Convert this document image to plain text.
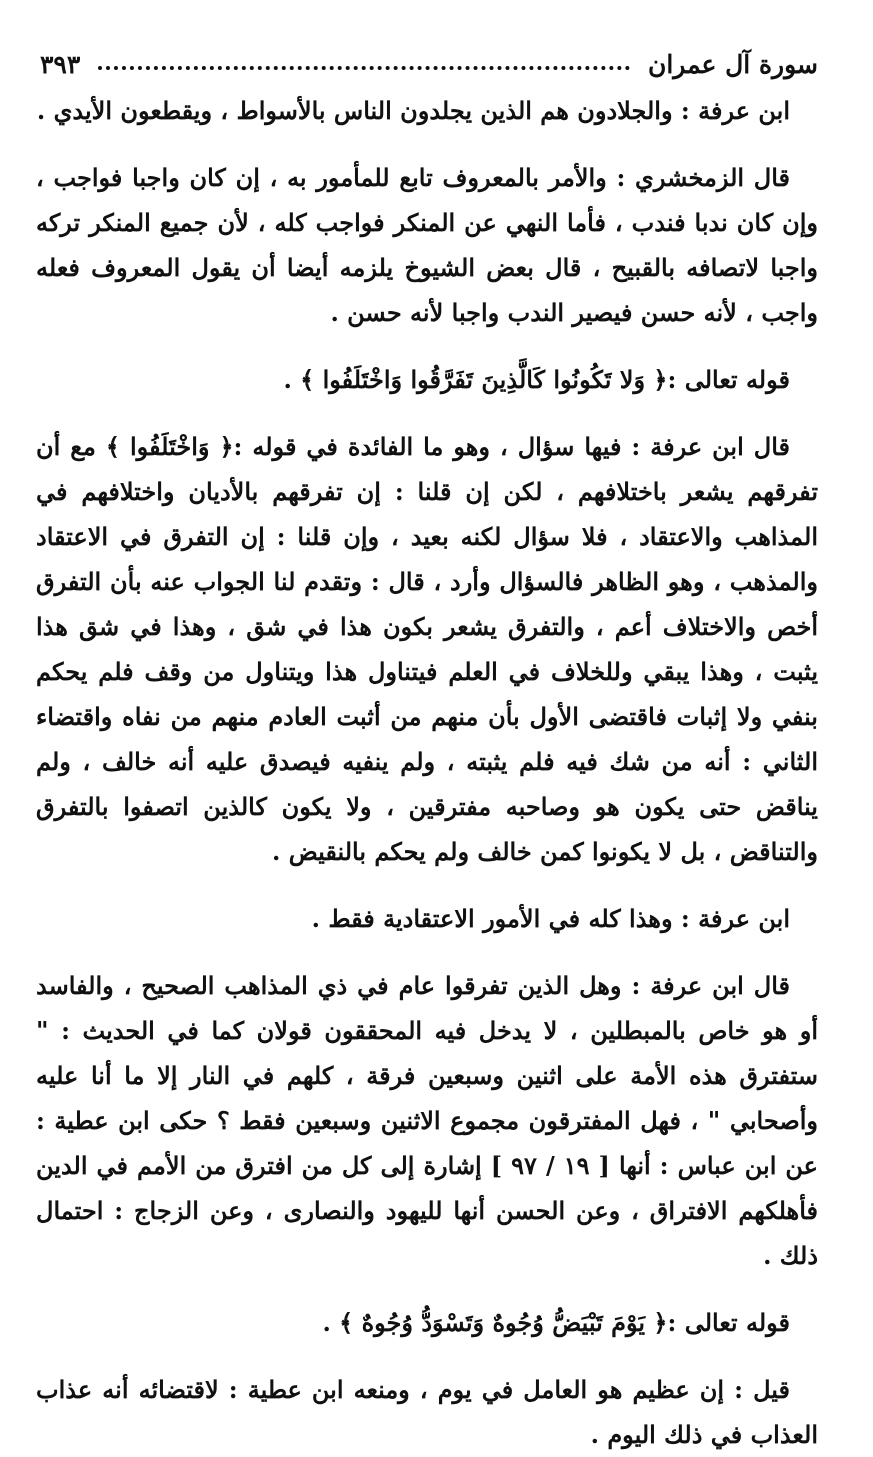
سورة آل عمران
٣٩٣

ابن عرفة : والجلادون هم الذين يجلدون الناس بالأسواط ، ويقطعون الأيدي .

قال الزمخشري : والأمر بالمعروف تابع للمأمور به ، إن كان واجبا فواجب ، وإن كان ندبا فندب ، فأما النهي عن المنكر فواجب كله ، لأن جميع المنكر تركه واجبا لاتصافه بالقبيح ، قال بعض الشيوخ يلزمه أيضا أن يقول المعروف فعله واجب ، لأنه حسن فيصير الندب واجبا لأنه حسن .

قوله تعالى :﴿ وَلا تَكُونُوا كَالَّذِينَ تَفَرَّقُوا وَاخْتَلَفُوا ﴾ .

قال ابن عرفة : فيها سؤال ، وهو ما الفائدة في قوله :﴿ وَاخْتَلَفُوا ﴾ مع أن تفرقهم يشعر باختلافهم ، لكن إن قلنا : إن تفرقهم بالأديان واختلافهم في المذاهب والاعتقاد ، فلا سؤال لكنه بعيد ، وإن قلنا : إن التفرق في الاعتقاد والمذهب ، وهو الظاهر فالسؤال وأرد ، قال : وتقدم لنا الجواب عنه بأن التفرق أخص والاختلاف أعم ، والتفرق يشعر بكون هذا في شق ، وهذا في شق هذا يثبت ، وهذا يبقي وللخلاف في العلم فيتناول هذا ويتناول من وقف فلم يحكم بنفي ولا إثبات فاقتضى الأول بأن منهم من أثبت العادم منهم من نفاه واقتضاء الثاني : أنه من شك فيه فلم يثبته ، ولم ينفيه فيصدق عليه أنه خالف ، ولم يناقض حتى يكون هو وصاحبه مفترقين ، ولا يكون كالذين اتصفوا بالتفرق والتناقض ، بل لا يكونوا كمن خالف ولم يحكم بالنقيض .

ابن عرفة : وهذا كله في الأمور الاعتقادية فقط .

قال ابن عرفة : وهل الذين تفرقوا عام في ذي المذاهب الصحيح ، والفاسد أو هو خاص بالمبطلين ، لا يدخل فيه المحققون قولان كما في الحديث : " ستفترق هذه الأمة على اثنين وسبعين فرقة ، كلهم في النار إلا ما أنا عليه وأصحابي " ، فهل المفترقون مجموع الاثنين وسبعين فقط ؟ حكى ابن عطية : عن ابن عباس : أنها [ ١٩ / ٩٧ ] إشارة إلى كل من افترق من الأمم في الدين فأهلكهم الافتراق ، وعن الحسن أنها لليهود والنصارى ، وعن الزجاج : احتمال ذلك .

قوله تعالى :﴿ يَوْمَ تَبْيَضُّ وُجُوهٌ وَتَسْوَدُّ وُجُوهٌ ﴾ .

قيل : إن عظيم هو العامل في يوم ، ومنعه ابن عطية : لاقتضائه أنه عذاب العذاب في ذلك اليوم .
